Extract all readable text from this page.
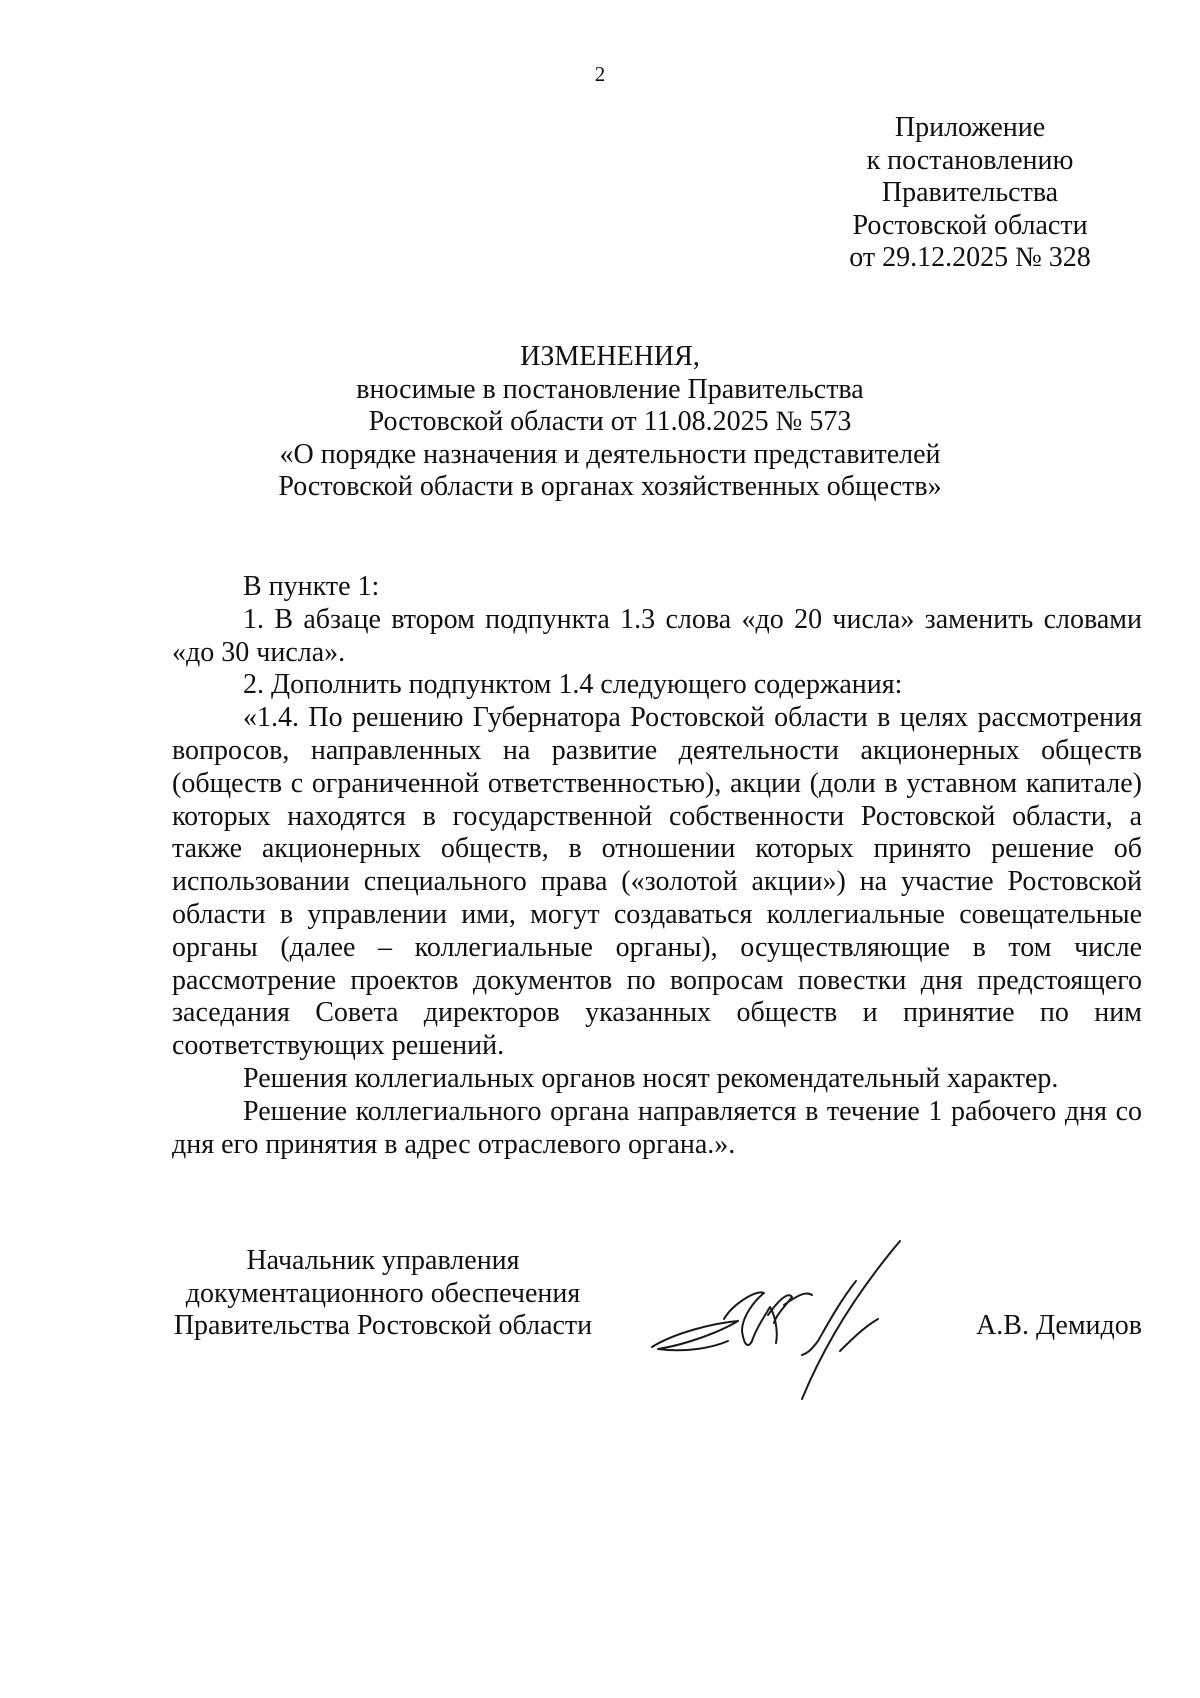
2
Приложение
к постановлению
Правительства
Ростовской области
от 29.12.2025 № 328
ИЗМЕНЕНИЯ,
вносимые в постановление Правительства
Ростовской области от 11.08.2025 № 573
«О порядке назначения и деятельности представителей
Ростовской области в органах хозяйственных обществ»

В пункте 1:

1. В абзаце втором подпункта 1.3 слова «до 20 числа» заменить словами «до 30 числа».

2. Дополнить подпунктом 1.4 следующего содержания:

«1.4. По решению Губернатора Ростовской области в целях рассмотрения вопросов, направленных на развитие деятельности акционерных обществ (обществ с ограниченной ответственностью), акции (доли в уставном капитале) которых находятся в государственной собственности Ростовской области, а также акционерных обществ, в отношении которых принято решение об использовании специального права («золотой акции») на участие Ростовской области в управлении ими, могут создаваться коллегиальные совещательные органы (далее – коллегиальные органы), осуществляющие в том числе рассмотрение проектов документов по вопросам повестки дня предстоящего заседания Совета директоров указанных обществ и принятие по ним соответствующих решений.

Решения коллегиальных органов носят рекомендательный характер.

Решение коллегиального органа направляется в течение 1 рабочего дня со дня его принятия в адрес отраслевого органа.».

Начальник управления
документационного обеспечения
Правительства Ростовской области	А.В. Демидов
